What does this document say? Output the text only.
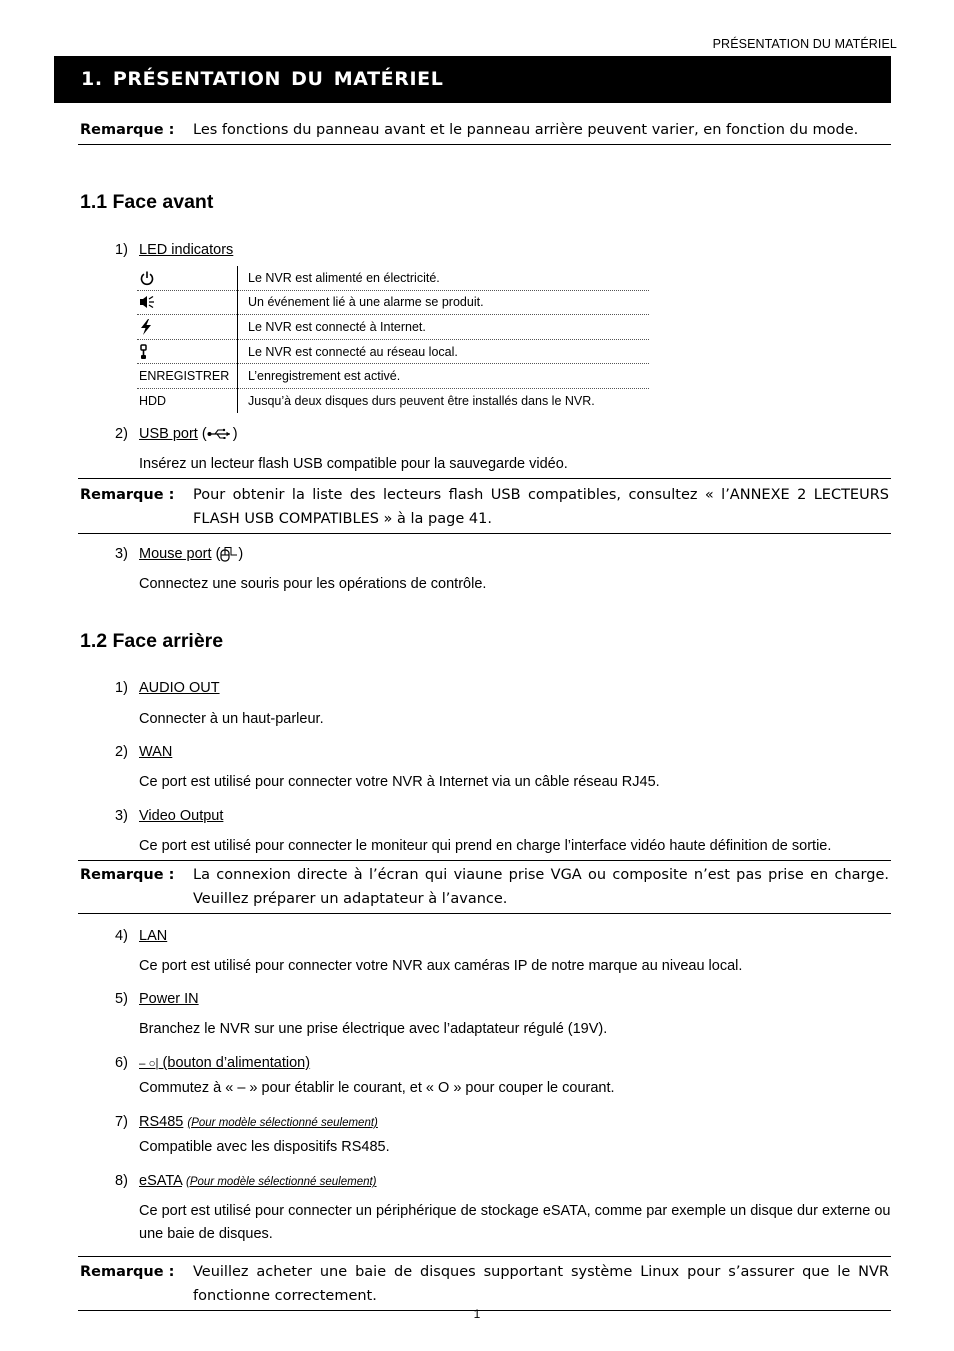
PRÉSENTATION DU MATÉRIEL
1. PRÉSENTATION DU MATÉRIEL
Remarque : Les fonctions du panneau avant et le panneau arrière peuvent varier, en fonction du mode.
1.1 Face avant
1) LED indicators
	Le NVR est alimenté en électricité.

	Un événement lié à une alarme se produit.

	Le NVR est connecté à Internet.

	Le NVR est connecté au réseau local.
ENREGISTRER	L’enregistrement est activé.
HDD	Jusqu’à deux disques durs peuvent être installés dans le NVR.
2) USB port ( )
Insérez un lecteur flash USB compatible pour la sauvegarde vidéo.
Remarque : Pour obtenir la liste des lecteurs flash USB compatibles, consultez « l’ANNEXE 2 LECTEURS FLASH USB COMPATIBLES » à la page 41.
3) Mouse port ( )
Connectez une souris pour les opérations de contrôle.
1.2 Face arrière
1) AUDIO OUT
Connecter à un haut-parleur.
2) WAN
Ce port est utilisé pour connecter votre NVR à Internet via un câble réseau RJ45.
3) Video Output
Ce port est utilisé pour connecter le moniteur qui prend en charge l’interface vidéo haute définition de sortie.
Remarque : La connexion directe à l’écran qui viaune prise VGA ou composite n’est pas prise en charge. Veuillez préparer un adaptateur à l’avance.
4) LAN
Ce port est utilisé pour connecter votre NVR aux caméras IP de notre marque au niveau local.
5) Power IN
Branchez le NVR sur une prise électrique avec l’adaptateur régulé (19V).
6) – ○| (bouton d’alimentation)
Commutez à « – » pour établir le courant, et « O » pour couper le courant.
7) RS485 (Pour modèle sélectionné seulement)
Compatible avec les dispositifs RS485.
8) eSATA (Pour modèle sélectionné seulement)
Ce port est utilisé pour connecter un périphérique de stockage eSATA, comme par exemple un disque dur externe ou une baie de disques.
Remarque : Veuillez acheter une baie de disques supportant système Linux pour s’assurer que le NVR fonctionne correctement.
1
